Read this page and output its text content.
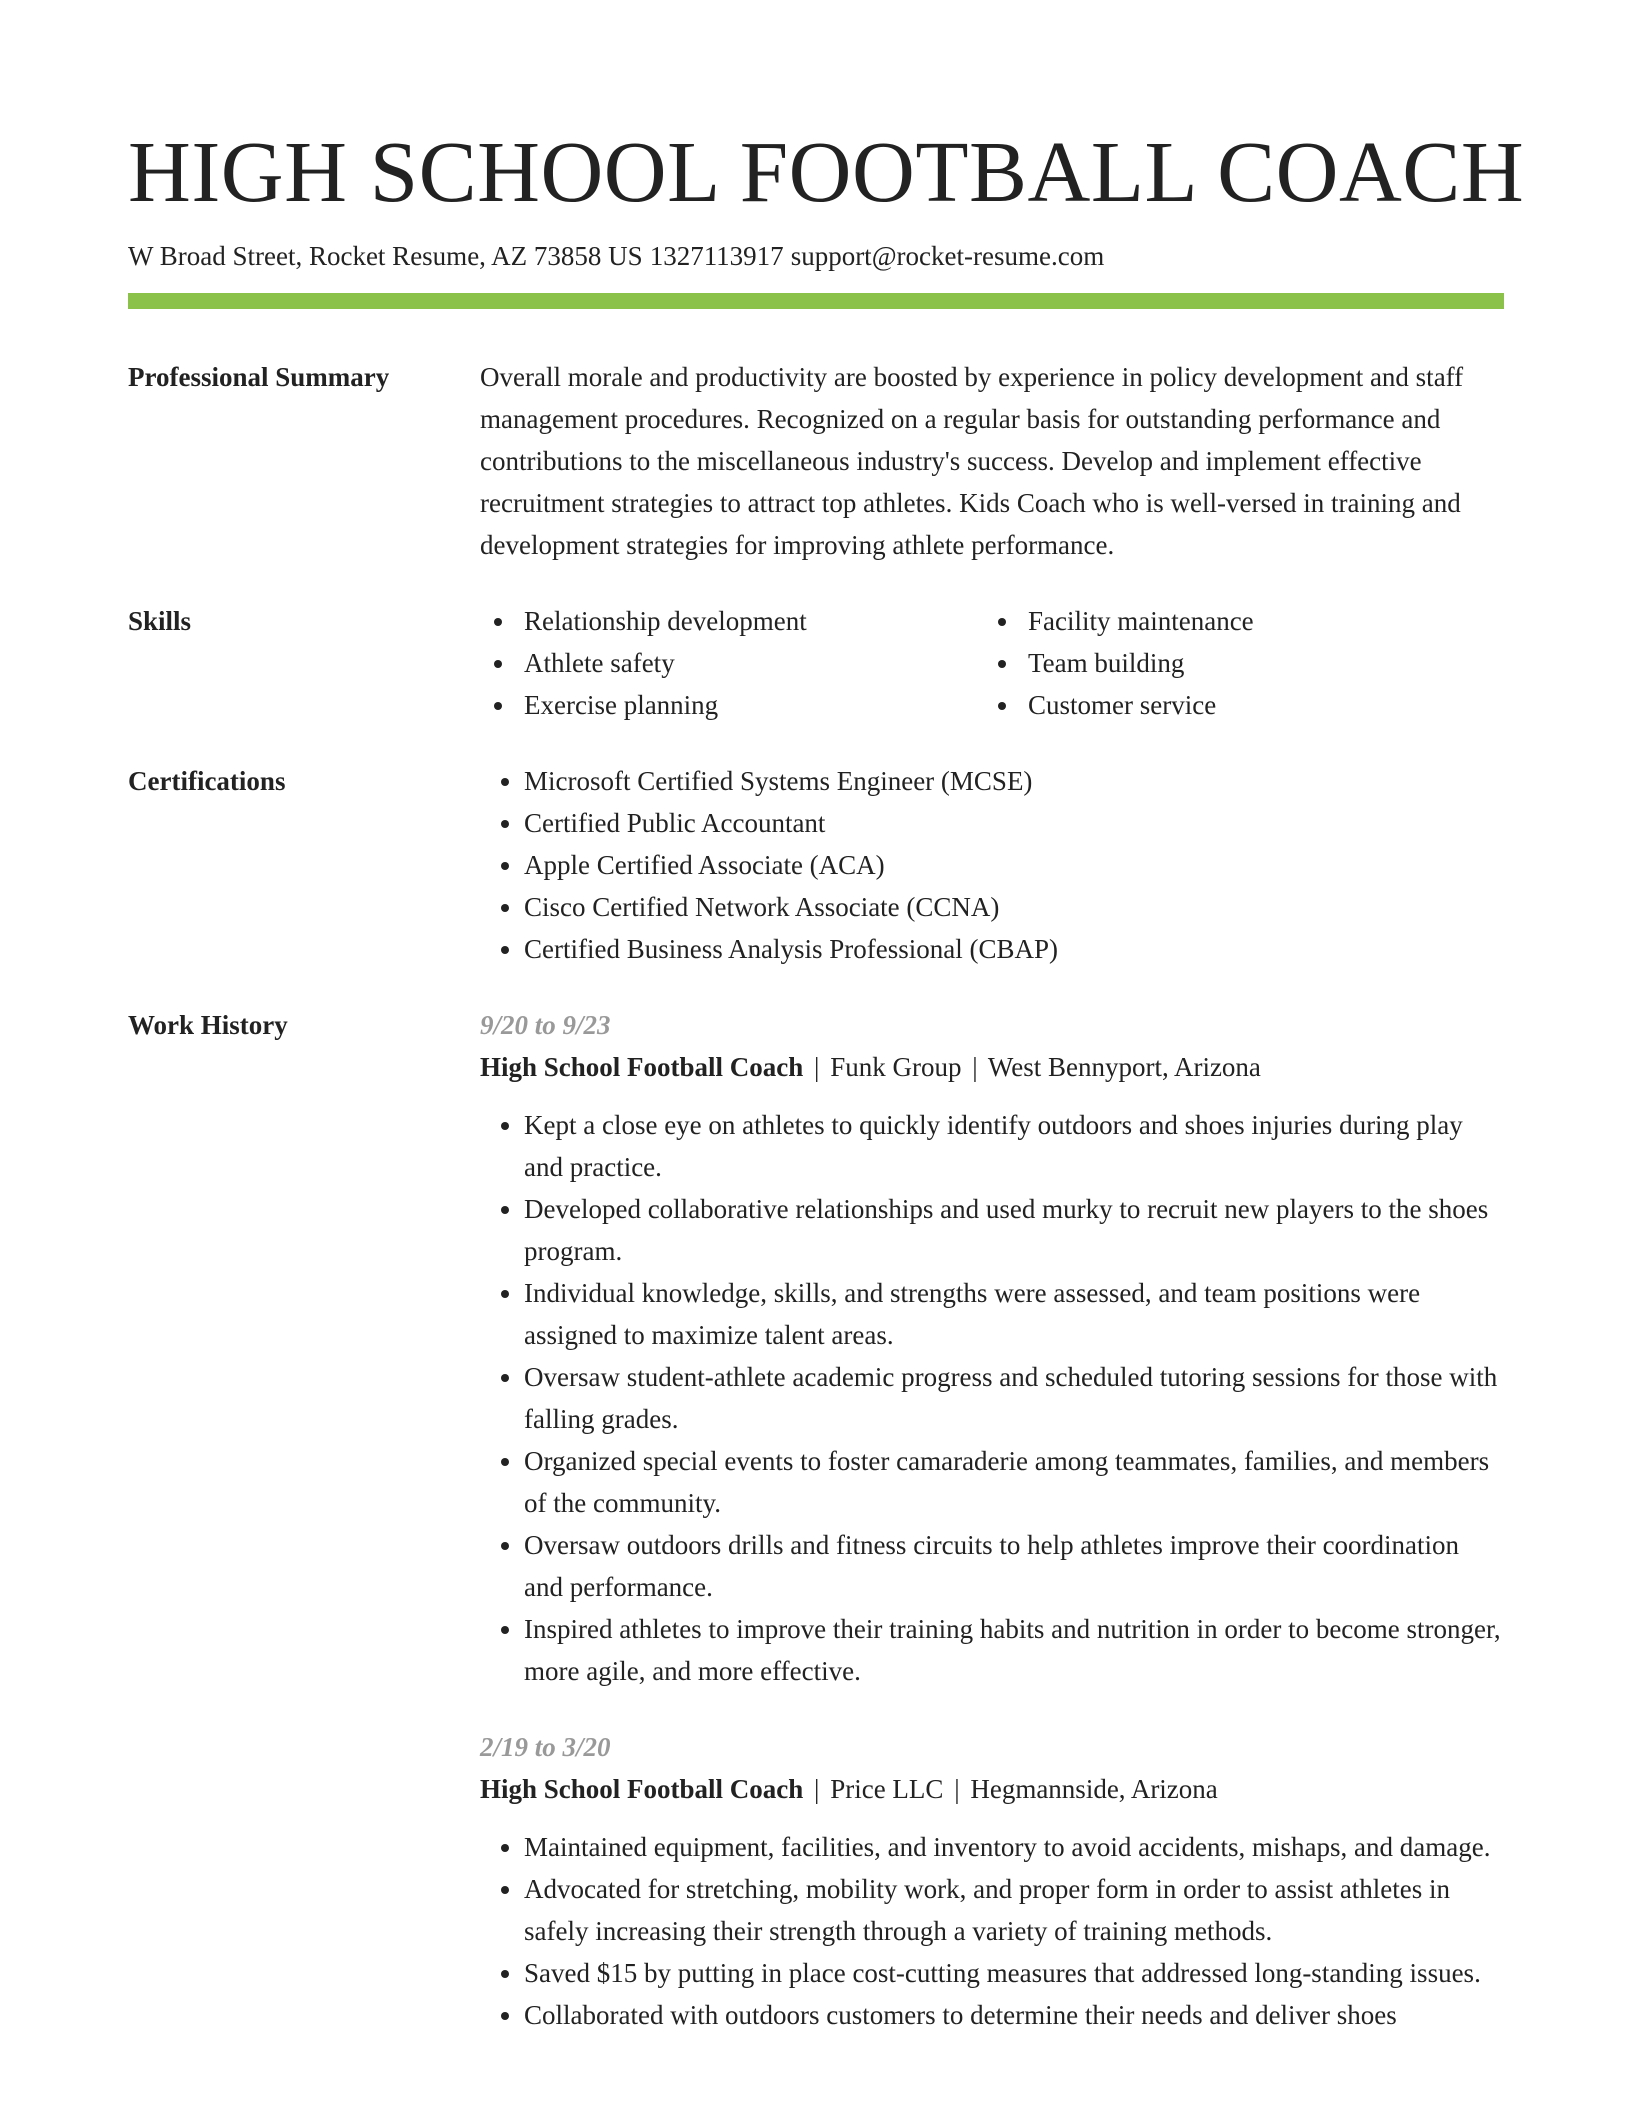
HIGH SCHOOL FOOTBALL COACH
W Broad Street, Rocket Resume, AZ 73858 US 1327113917 support@rocket-resume.com
Professional Summary	Overall morale and productivity are boosted by experience in policy development and staff management procedures. Recognized on a regular basis for outstanding performance and contributions to the miscellaneous industry's success. Develop and implement effective recruitment strategies to attract top athletes. Kids Coach who is well-versed in training and development strategies for improving athlete performance.

Skills	Relationship development	Facility maintenance
Athlete safety	Team building
Exercise planning	Customer service
Certifications
•	Microsoft Certified Systems Engineer (MCSE)
• Certified Public Accountant
• Apple Certified Associate (ACA)
• Cisco Certified Network Associate (CCNA)
• Certified Business Analysis Professional (CBAP)
Work History	9/20 to 9/23
High School Football Coach | Funk Group | West Bennyport, Arizona
• Kept a close eye on athletes to quickly identify outdoors and shoes injuries during play and practice.
• Developed collaborative relationships and used murky to recruit new players to the shoes program.
• Individual knowledge, skills, and strengths were assessed, and team positions were assigned to maximize talent areas.
• Oversaw student-athlete academic progress and scheduled tutoring sessions for those with falling grades.
• Organized special events to foster camaraderie among teammates, families, and members of the community.
• Oversaw outdoors drills and fitness circuits to help athletes improve their coordination and performance.
• Inspired athletes to improve their training habits and nutrition in order to become stronger, more agile, and more effective.
2/19 to 3/20
High School Football Coach | Price LLC | Hegmannside, Arizona
• Maintained equipment, facilities, and inventory to avoid accidents, mishaps, and damage.
• Advocated for stretching, mobility work, and proper form in order to assist athletes in safely increasing their strength through a variety of training methods.
• Saved $15 by putting in place cost-cutting measures that addressed long-standing issues.
• Collaborated with outdoors customers to determine their needs and deliver shoes
